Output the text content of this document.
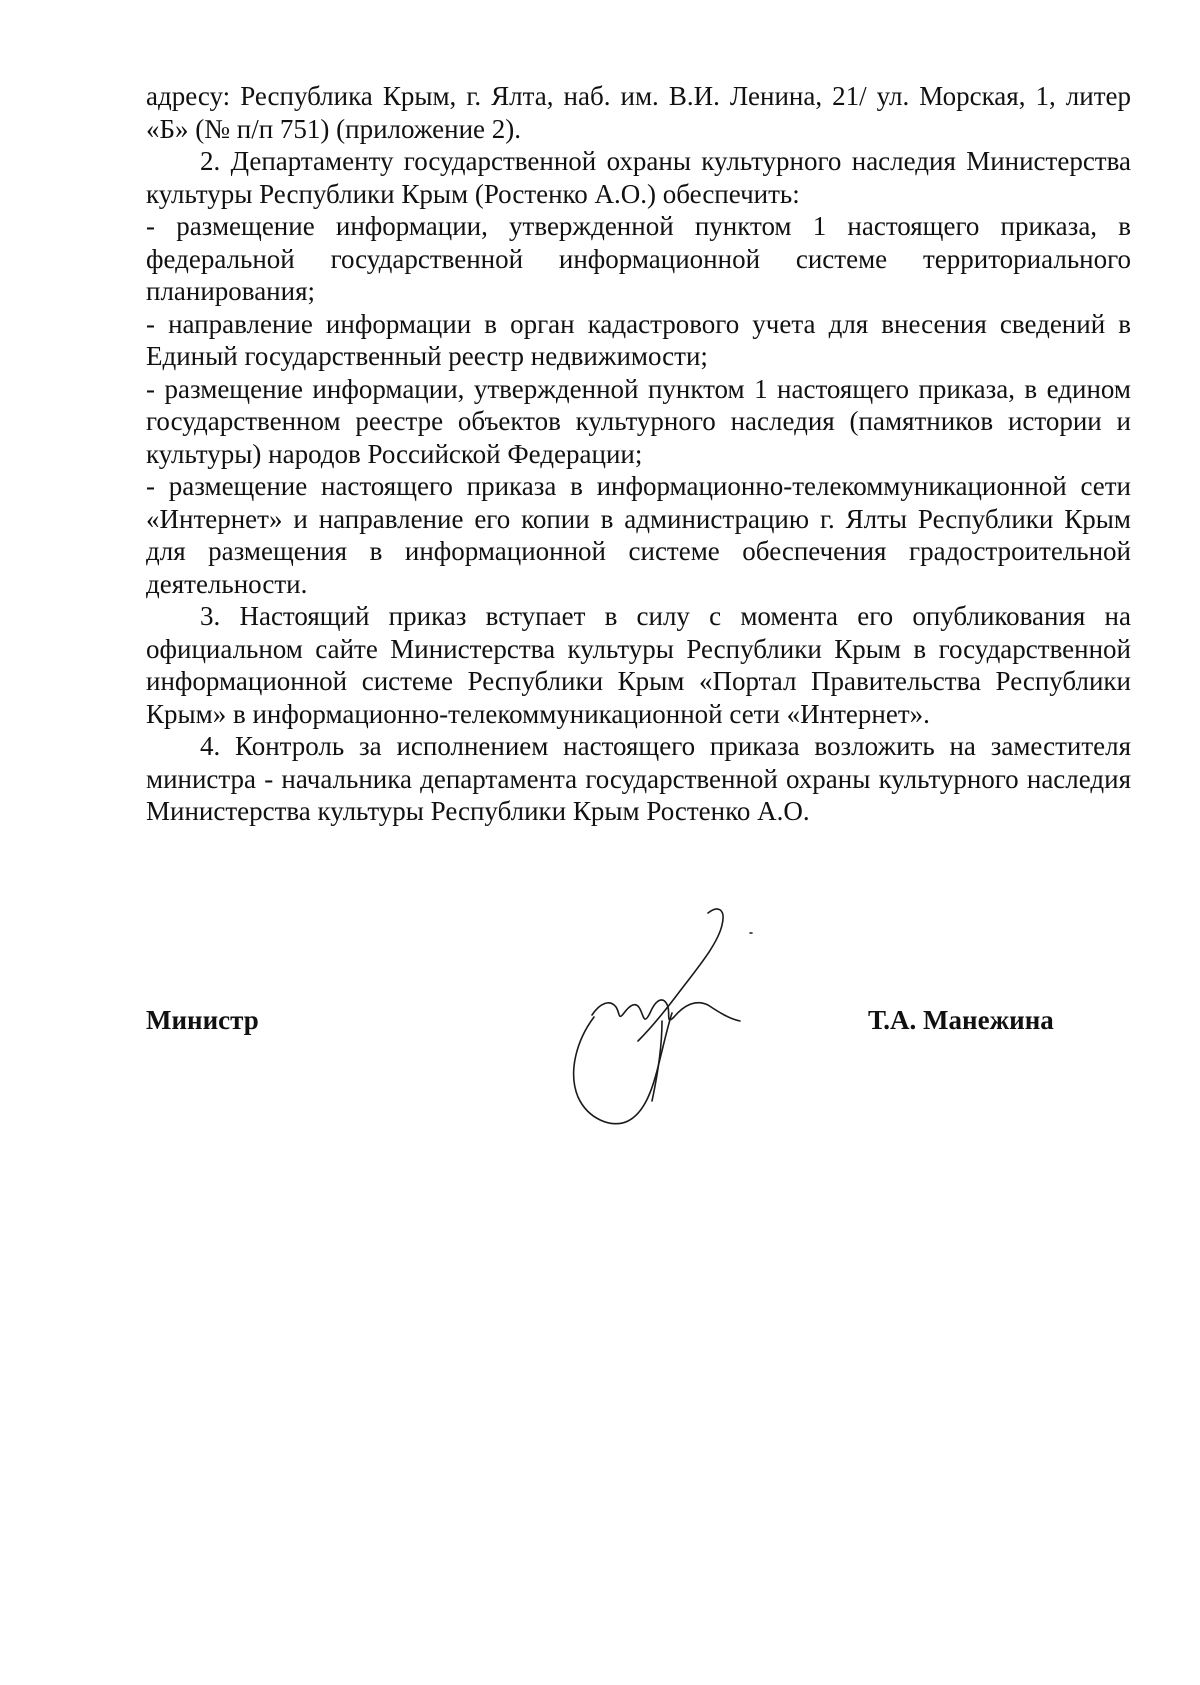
адресу: Республика Крым, г. Ялта, наб. им. В.И. Ленина, 21/ ул. Морская, 1, литер «Б» (№ п/п 751) (приложение 2).

2. Департаменту государственной охраны культурного наследия Министерства культуры Республики Крым (Ростенко А.О.) обеспечить:

- размещение информации, утвержденной пунктом 1 настоящего приказа, в федеральной государственной информационной системе территориального планирования;

- направление информации в орган кадастрового учета для внесения сведений в Единый государственный реестр недвижимости;

- размещение информации, утвержденной пунктом 1 настоящего приказа, в едином государственном реестре объектов культурного наследия (памятников истории и культуры) народов Российской Федерации;

- размещение настоящего приказа в информационно-телекоммуникационной сети «Интернет» и направление его копии в администрацию г. Ялты Республики Крым для размещения в информационной системе обеспечения градостроительной деятельности.

3. Настоящий приказ вступает в силу с момента его опубликования на официальном сайте Министерства культуры Республики Крым в государственной информационной системе Республики Крым «Портал Правительства Республики Крым» в информационно-телекоммуникационной сети «Интернет».

4. Контроль за исполнением настоящего приказа возложить на заместителя министра - начальника департамента государственной охраны культурного наследия Министерства культуры Республики Крым Ростенко А.О.

Министр	Т.А. Манежина
